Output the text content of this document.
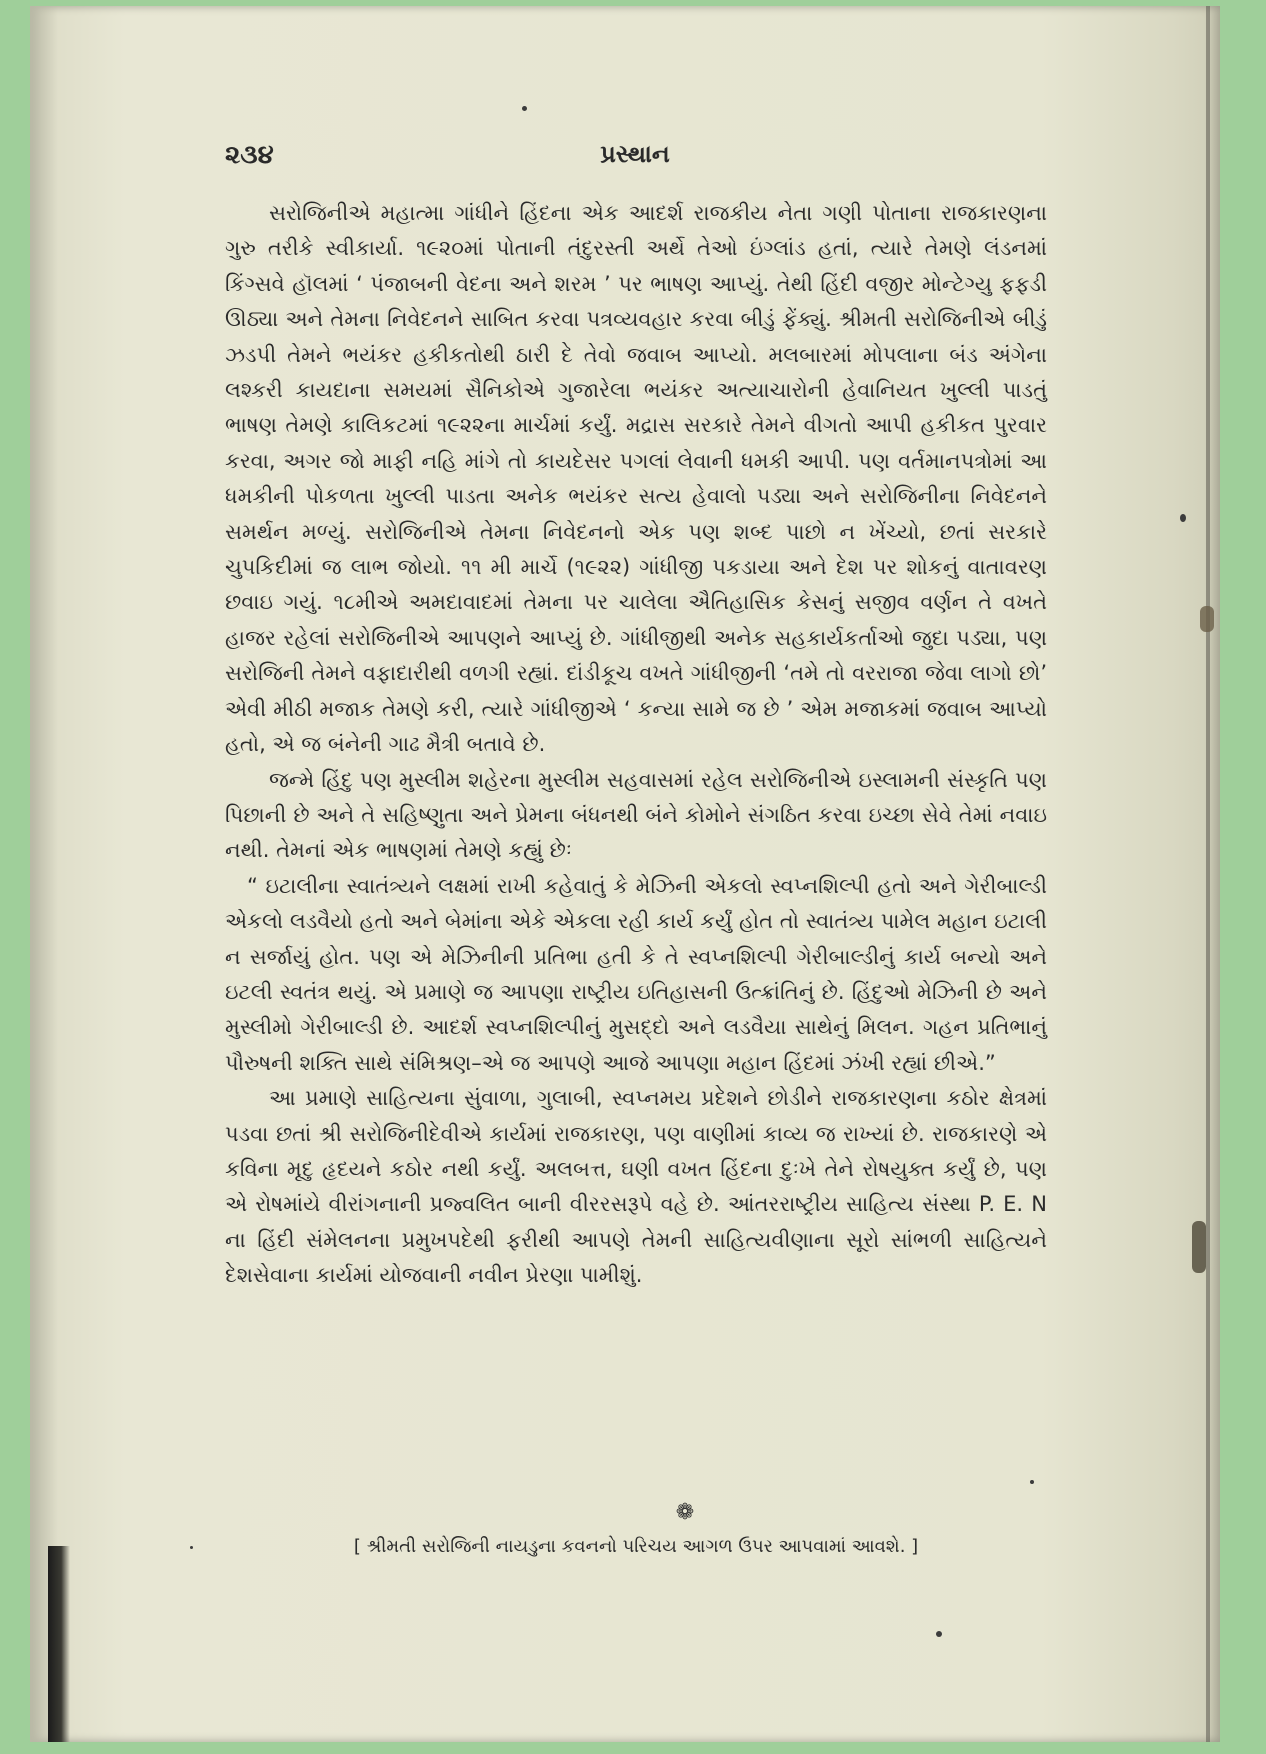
૨૩૪	પ્રસ્થાન

સરોજિનીએ મહાત્મા ગાંધીને હિંદના એક આદર્શ રાજકીય નેતા ગણી પોતાના રાજકારણના ગુરુ તરીકે સ્વીકાર્યા. ૧૯૨૦માં પોતાની તંદુરસ્તી અર્થે તેઓ ઇંગ્લાંડ હતાં, ત્યારે તેમણે લંડનમાં કિંગ્સવે હૉલમાં ‘ પંજાબની વેદના અને શરમ ’ પર ભાષણ આપ્યું. તેથી હિંદી વજીર મોન્ટેગ્યુ ફફડી ઊઠ્યા અને તેમના નિવેદનને સાબિત કરવા પત્રવ્યવહાર કરવા બીડું ફેંક્યું. શ્રીમતી સરોજિનીએ બીડું ઝડપી તેમને ભયંકર હકીકતોથી ઠારી દે તેવો જવાબ આપ્યો. મલબારમાં મોપલાના બંડ અંગેના લશ્કરી કાયદાના સમયમાં સૈનિકોએ ગુજારેલા ભયંકર અત્યાચારોની હેવાનિયત ખુલ્લી પાડતું ભાષણ તેમણે કાલિકટમાં ૧૯૨૨ના માર્ચમાં કર્યું. મદ્રાસ સરકારે તેમને વીગતો આપી હકીકત પુરવાર કરવા, અગર જો માફી નહિ માંગે તો કાયદેસર પગલાં લેવાની ધમકી આપી. પણ વર્તમાનપત્રોમાં આ ધમકીની પોકળતા ખુલ્લી પાડતા અનેક ભયંકર સત્ય હેવાલો પડ્યા અને સરોજિનીના નિવેદનને સમર્થન મળ્યું. સરોજિનીએ તેમના નિવેદનનો એક પણ શબ્દ પાછો ન ખેંચ્યો, છતાં સરકારે ચુપકિદીમાં જ લાભ જોયો. ૧૧ મી માર્ચે (૧૯૨૨) ગાંધીજી પકડાયા અને દેશ પર શોકનું વાતાવરણ છવાઇ ગયું. ૧૮મીએ અમદાવાદમાં તેમના પર ચાલેલા ઐતિહાસિક કેસનું સજીવ વર્ણન તે વખતે હાજર રહેલાં સરોજિનીએ આપણને આપ્યું છે. ગાંધીજીથી અનેક સહકાર્યકર્તાઓ જુદા પડ્યા, પણ સરોજિની તેમને વફાદારીથી વળગી રહ્યાં. દાંડીકૂચ વખતે ગાંધીજીની ‘તમે તો વરરાજા જેવા લાગો છો’ એવી મીઠી મજાક તેમણે કરી, ત્યારે ગાંધીજીએ ‘ કન્યા સામે જ છે ’ એમ મજાકમાં જવાબ આપ્યો હતો, એ જ બંનેની ગાઢ મૈત્રી બતાવે છે.

જન્મે હિંદુ પણ મુસ્લીમ શહેરના મુસ્લીમ સહવાસમાં રહેલ સરોજિનીએ ઇસ્લામની સંસ્કૃતિ પણ પિછાની છે અને તે સહિષ્ણુતા અને પ્રેમના બંધનથી બંને કોમોને સંગઠિત કરવા ઇચ્છા સેવે તેમાં નવાઇ નથી. તેમનાં એક ભાષણમાં તેમણે કહ્યું છેઃ

“ ઇટાલીના સ્વાતંત્ર્યને લક્ષમાં રાખી કહેવાતું કે મેઝિની એકલો સ્વપ્નશિલ્પી હતો અને ગેરીબાલ્ડી એકલો લડવૈયો હતો અને બેમાંના એકે એકલા રહી કાર્ય કર્યું હોત તો સ્વાતંત્ર્ય પામેલ મહાન ઇટાલી ન સર્જાયું હોત. પણ એ મેઝિનીની પ્રતિભા હતી કે તે સ્વપ્નશિલ્પી ગેરીબાલ્ડીનું કાર્ય બન્યો અને ઇટલી સ્વતંત્ર થયું. એ પ્રમાણે જ આપણા રાષ્ટ્રીય ઇતિહાસની ઉત્ક્રાંતિનું છે. હિંદુઓ મેઝિની છે અને મુસ્લીમો ગેરીબાલ્ડી છે. આદર્શ સ્વપ્નશિલ્પીનું મુસદ્દો અને લડવૈયા સાથેનું મિલન. ગહન પ્રતિભાનું પૌરુષની શક્તિ સાથે સંમિશ્રણ–એ જ આપણે આજે આપણા મહાન હિંદમાં ઝંખી રહ્યાં છીએ.”

આ પ્રમાણે સાહિત્યના સુંવાળા, ગુલાબી, સ્વપ્નમય પ્રદેશને છોડીને રાજકારણના કઠોર ક્ષેત્રમાં પડવા છતાં શ્રી સરોજિનીદેવીએ કાર્યમાં રાજકારણ, પણ વાણીમાં કાવ્ય જ રાખ્યાં છે. રાજકારણે એ કવિના મૃદુ હૃદયને કઠોર નથી કર્યું. અલબત્ત, ઘણી વખત હિંદના દુઃખે તેને રોષયુક્ત કર્યું છે, પણ એ રોષમાંયે વીરાંગનાની પ્રજ્વલિત બાની વીરરસરૂપે વહે છે. આંતરરાષ્ટ્રીય સાહિત્ય સંસ્થા P. E. N ના હિંદી સંમેલનના પ્રમુખપદેથી ફરીથી આપણે તેમની સાહિત્યવીણાના સૂરો સાંભળી સાહિત્યને દેશસેવાના કાર્યમાં યોજવાની નવીન પ્રેરણા પામીશું.

❁
[ શ્રીમતી સરોજિની નાયડુના કવનનો પરિચય આગળ ઉપર આપવામાં આવશે. ]
